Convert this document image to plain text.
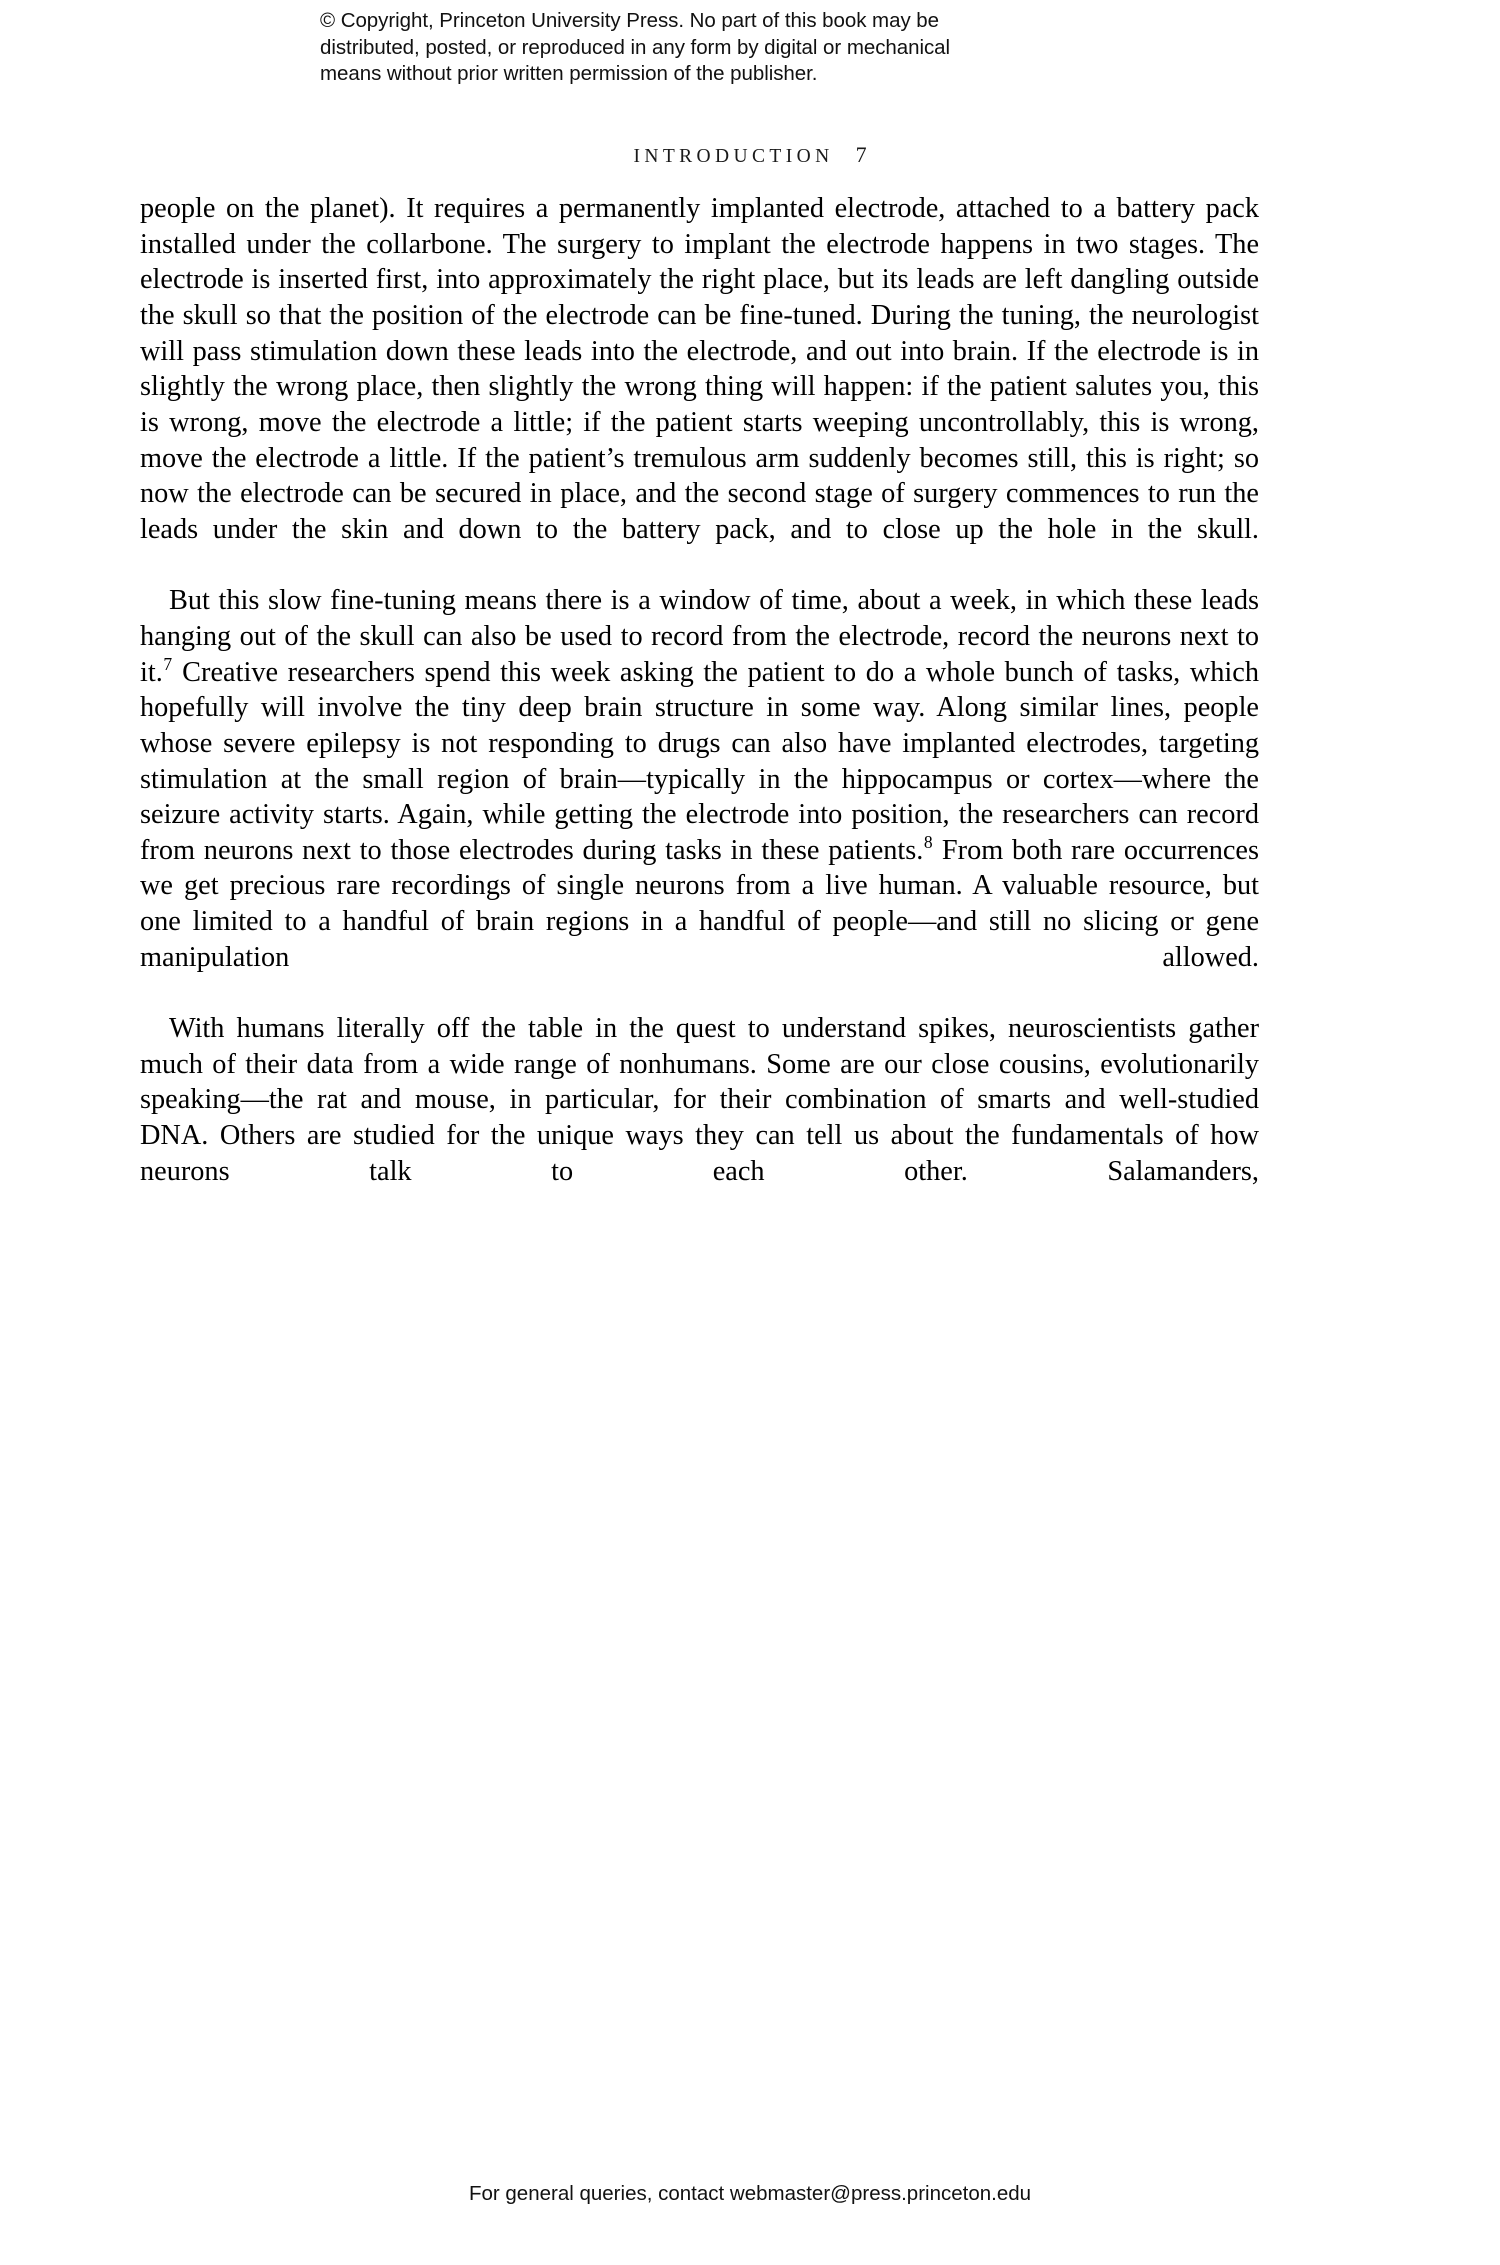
© Copyright, Princeton University Press. No part of this book may be
distributed, posted, or reproduced in any form by digital or mechanical
means without prior written permission of the publisher.
INTRODUCTION 7

people on the planet). It requires a permanently implanted electrode, attached to a battery pack installed under the collarbone. The surgery to implant the electrode happens in two stages. The electrode is inserted first, into approximately the right place, but its leads are left dangling outside the skull so that the position of the electrode can be fine-tuned. During the tuning, the neurologist will pass stimulation down these leads into the electrode, and out into brain. If the electrode is in slightly the wrong place, then slightly the wrong thing will happen: if the patient salutes you, this is wrong, move the electrode a little; if the patient starts weeping uncontrollably, this is wrong, move the electrode a little. If the patient’s tremulous arm suddenly becomes still, this is right; so now the electrode can be secured in place, and the second stage of surgery commences to run the leads under the skin and down to the battery pack, and to close up the hole in the skull.

But this slow fine-tuning means there is a window of time, about a week, in which these leads hanging out of the skull can also be used to record from the electrode, record the neurons next to it.$^7$ Creative researchers spend this week asking the patient to do a whole bunch of tasks, which hopefully will involve the tiny deep brain structure in some way. Along similar lines, people whose severe epilepsy is not responding to drugs can also have implanted electrodes, targeting stimulation at the small region of brain—typically in the hippocampus or cortex—where the seizure activity starts. Again, while getting the electrode into position, the researchers can record from neurons next to those electrodes during tasks in these patients.$^8$ From both rare occurrences we get precious rare recordings of single neurons from a live human. A valuable resource, but one limited to a handful of brain regions in a handful of people—and still no slicing or gene manipulation allowed.

With humans literally off the table in the quest to understand spikes, neuroscientists gather much of their data from a wide range of nonhumans. Some are our close cousins, evolutionarily speaking—the rat and mouse, in particular, for their combination of smarts and well-studied DNA. Others are studied for the unique ways they can tell us about the fundamentals of how neurons talk to each other. Salamanders,

For general queries, contact webmaster@press.princeton.edu
